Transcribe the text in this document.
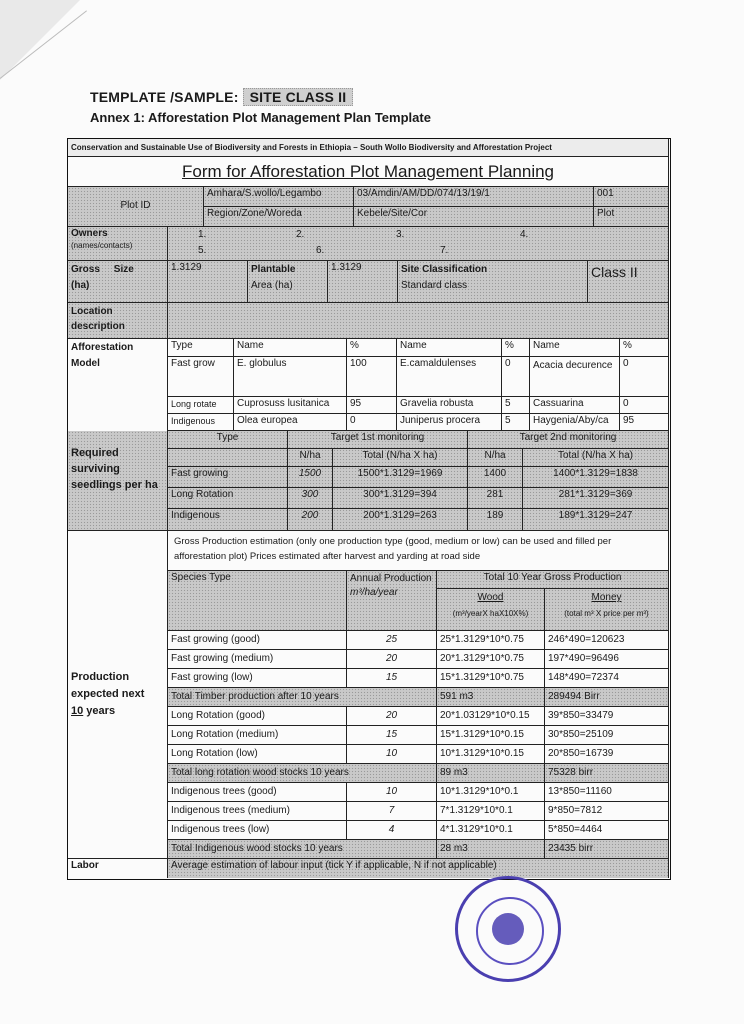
TEMPLATE /SAMPLE: SITE CLASS II
Annex 1: Afforestation Plot Management Plan Template
Conservation and Sustainable Use of Biodiversity and Forests in Ethiopia – South Wollo Biodiversity and Afforestation Project
Form for Afforestation Plot Management Planning
Plot ID
Amhara/S.wollo/Legambo
Region/Zone/Woreda
03/Amdin/AM/DD/074/13/19/1
Kebele/Site/Cor
001
Plot
Owners
(names/contacts)
1.	2.	3.	4.
5.	6.	7.
Gross     Size
(ha)
1.3129	Plantable
Area (ha)
1.3129	Site Classification
Standard class
Class II
Location
description
Afforestation
Model
Type	Name	%	Name	%	Name	%
Fast grow	E. globulus	100	E.camaldulenses	0	Acacia decurence	0
Long rotate	Cuprosuss lusitanica	95	Gravelia robusta	5	Cassuarina	0
Indigenous	Olea europea	0	Juniperus procera	5	Haygenia/Aby/ca	95
Required surviving seedlings per ha
Type	Target 1st monitoring	Target 2nd monitoring
N/ha	Total (N/ha X ha)	N/ha	Total (N/ha X ha)
Fast growing	1500	1500*1.3129=1969	1400	1400*1.3129=1838
Long Rotation	300	300*1.3129=394	281	281*1.3129=369
Indigenous	200	200*1.3129=263	189	189*1.3129=247
Production expected next
10 years
Gross Production estimation (only one production type (good, medium or low) can be used and filled per afforestation plot) Prices estimated after harvest and yarding at road side
Species Type	Annual Production
m³/ha/year
Total 10 Year Gross Production
Wood
(m³/yearX haX10X%)
Money
(total m³ X price per m³)
Fast growing (good)	25	25*1.3129*10*0.75	246*490=120623
Fast growing (medium)	20	20*1.3129*10*0.75	197*490=96496
Fast growing (low)	15	15*1.3129*10*0.75	148*490=72374
Total Timber production after 10 years	591 m3	289494 Birr
Long Rotation (good)	20	20*1.03129*10*0.15	39*850=33479
Long Rotation (medium)	15	15*1.3129*10*0.15	30*850=25109
Long Rotation (low)	10	10*1.3129*10*0.15	20*850=16739
Total long rotation wood stocks 10 years	89 m3	75328 birr
Indigenous trees (good)	10	10*1.3129*10*0.1	13*850=11160
Indigenous trees (medium)	7	7*1.3129*10*0.1	9*850=7812
Indigenous trees (low)	4	4*1.3129*10*0.1	5*850=4464
Total Indigenous wood stocks 10 years	28 m3	23435 birr
Labor	Average estimation of labour input (tick Y if applicable, N if not applicable)
